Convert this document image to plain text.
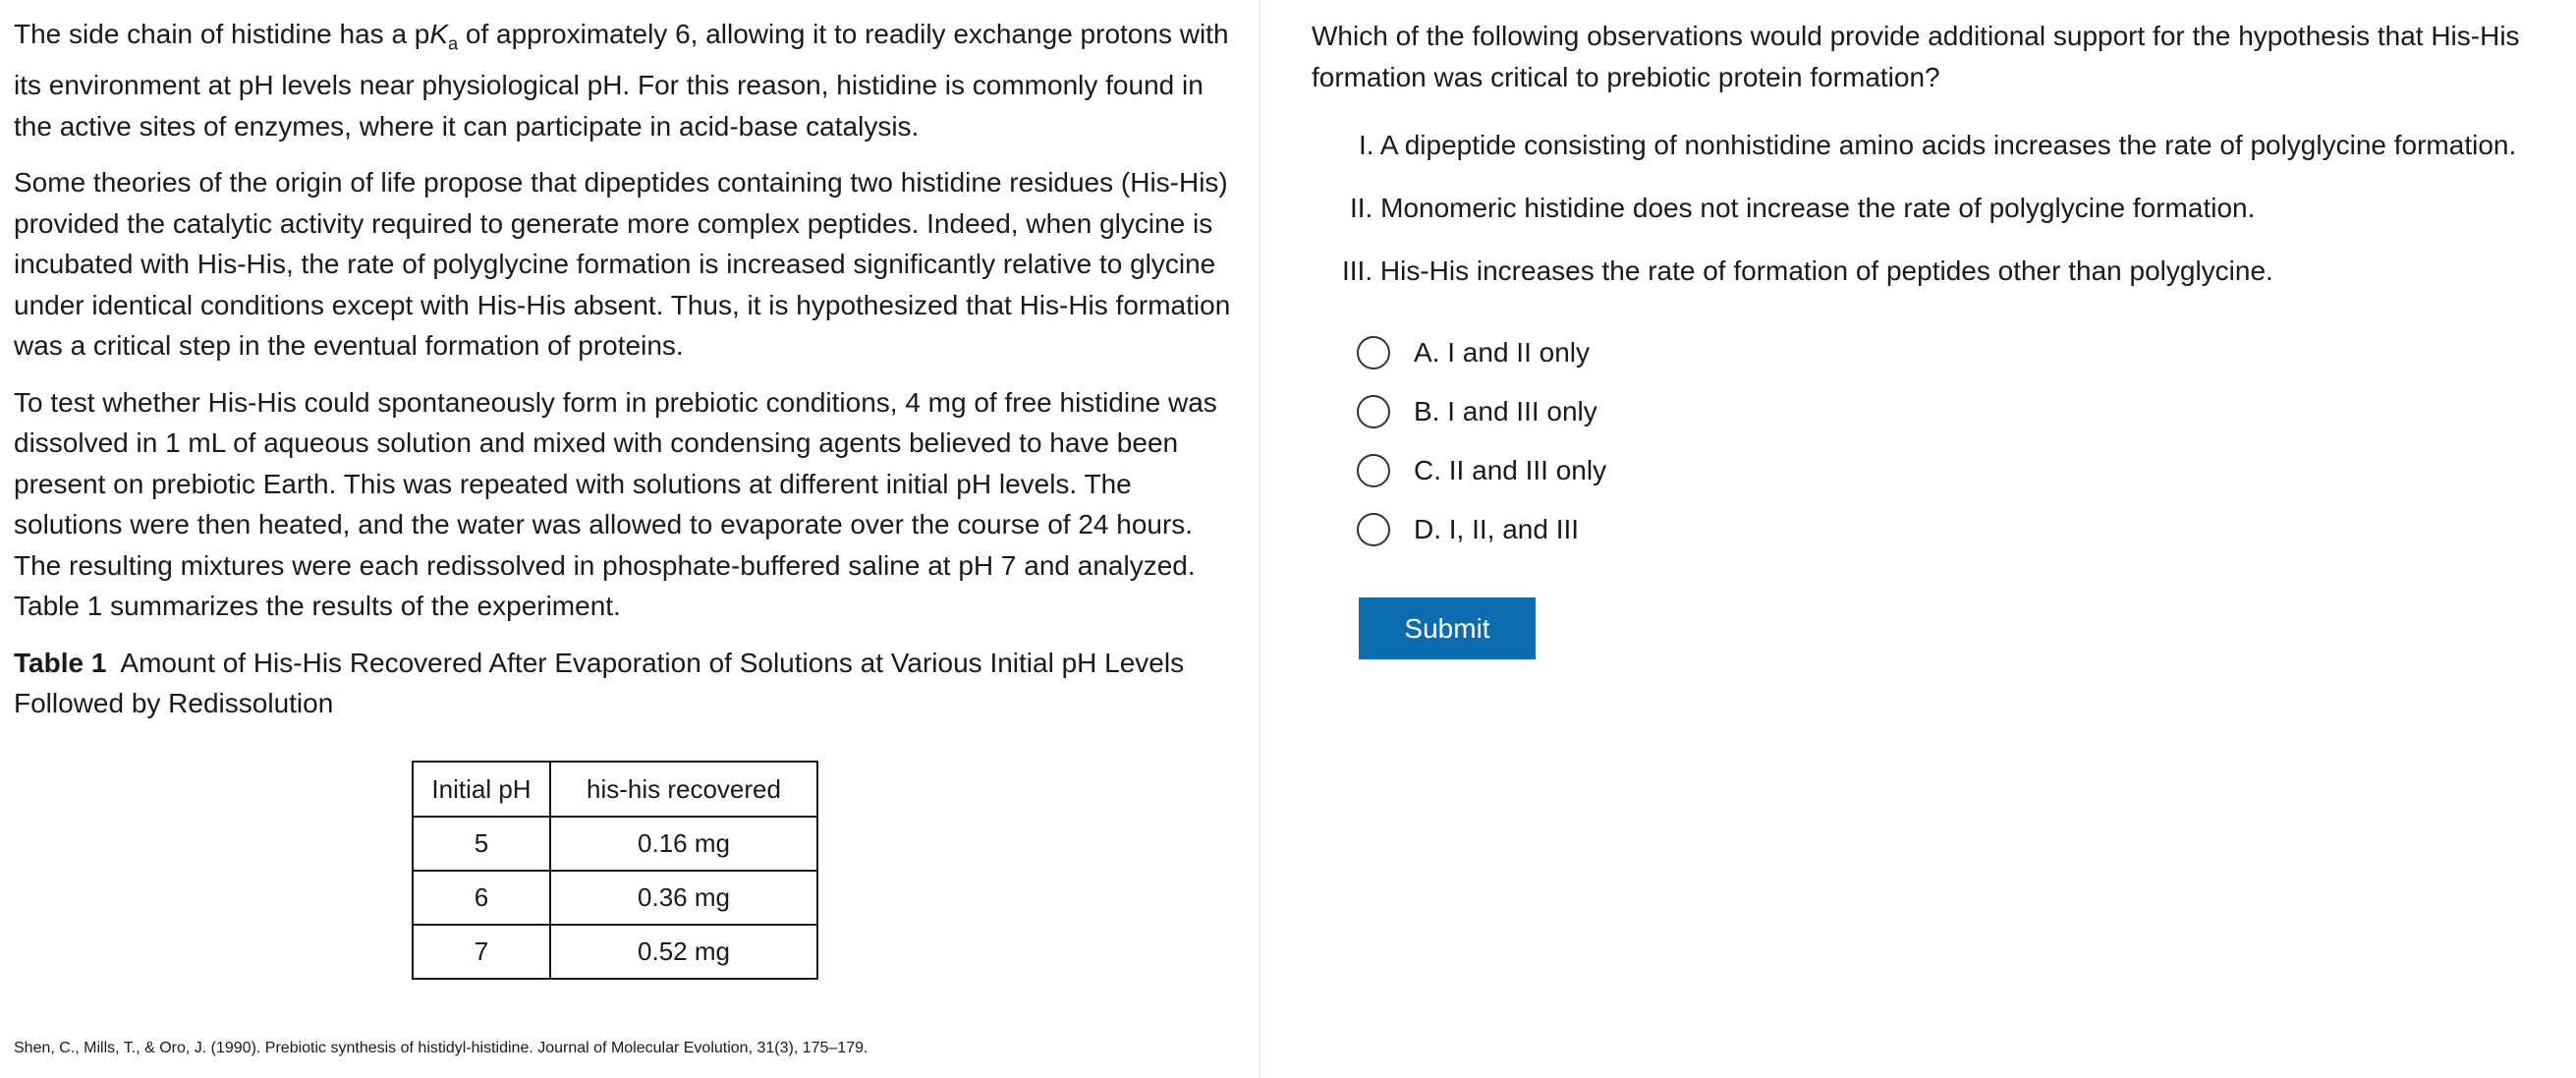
The side chain of histidine has a $pK_a$ of approximately 6, allowing it to readily exchange protons with its environment at pH levels near physiological pH. For this reason, histidine is commonly found in the active sites of enzymes, where it can participate in acid-base catalysis.

Some theories of the origin of life propose that dipeptides containing two histidine residues (His-His) provided the catalytic activity required to generate more complex peptides. Indeed, when glycine is incubated with His-His, the rate of polyglycine formation is increased significantly relative to glycine under identical conditions except with His-His absent. Thus, it is hypothesized that His-His formation was a critical step in the eventual formation of proteins.

To test whether His-His could spontaneously form in prebiotic conditions, 4 mg of free histidine was dissolved in 1 mL of aqueous solution and mixed with condensing agents believed to have been present on prebiotic Earth. This was repeated with solutions at different initial pH levels. The solutions were then heated, and the water was allowed to evaporate over the course of 24 hours. The resulting mixtures were each redissolved in phosphate-buffered saline at pH 7 and analyzed. Table 1 summarizes the results of the experiment.

Table 1 Amount of His-His Recovered After Evaporation of Solutions at Various Initial pH Levels Followed by Redissolution

Initial pH	his-his recovered
5	0.16 mg
6	0.36 mg
7	0.52 mg
Shen, C., Mills, T., & Oro, J. (1990). Prebiotic synthesis of histidyl-histidine. Journal of Molecular Evolution, 31(3), 175–179.

Which of the following observations would provide additional support for the hypothesis that His-His formation was critical to prebiotic protein formation?

I. A dipeptide consisting of nonhistidine amino acids increases the rate of polyglycine formation.
II. Monomeric histidine does not increase the rate of polyglycine formation.
III. His-His increases the rate of formation of peptides other than polyglycine.
A. I and II only
B. I and III only
C. II and III only
D. I, II, and III
Submit
